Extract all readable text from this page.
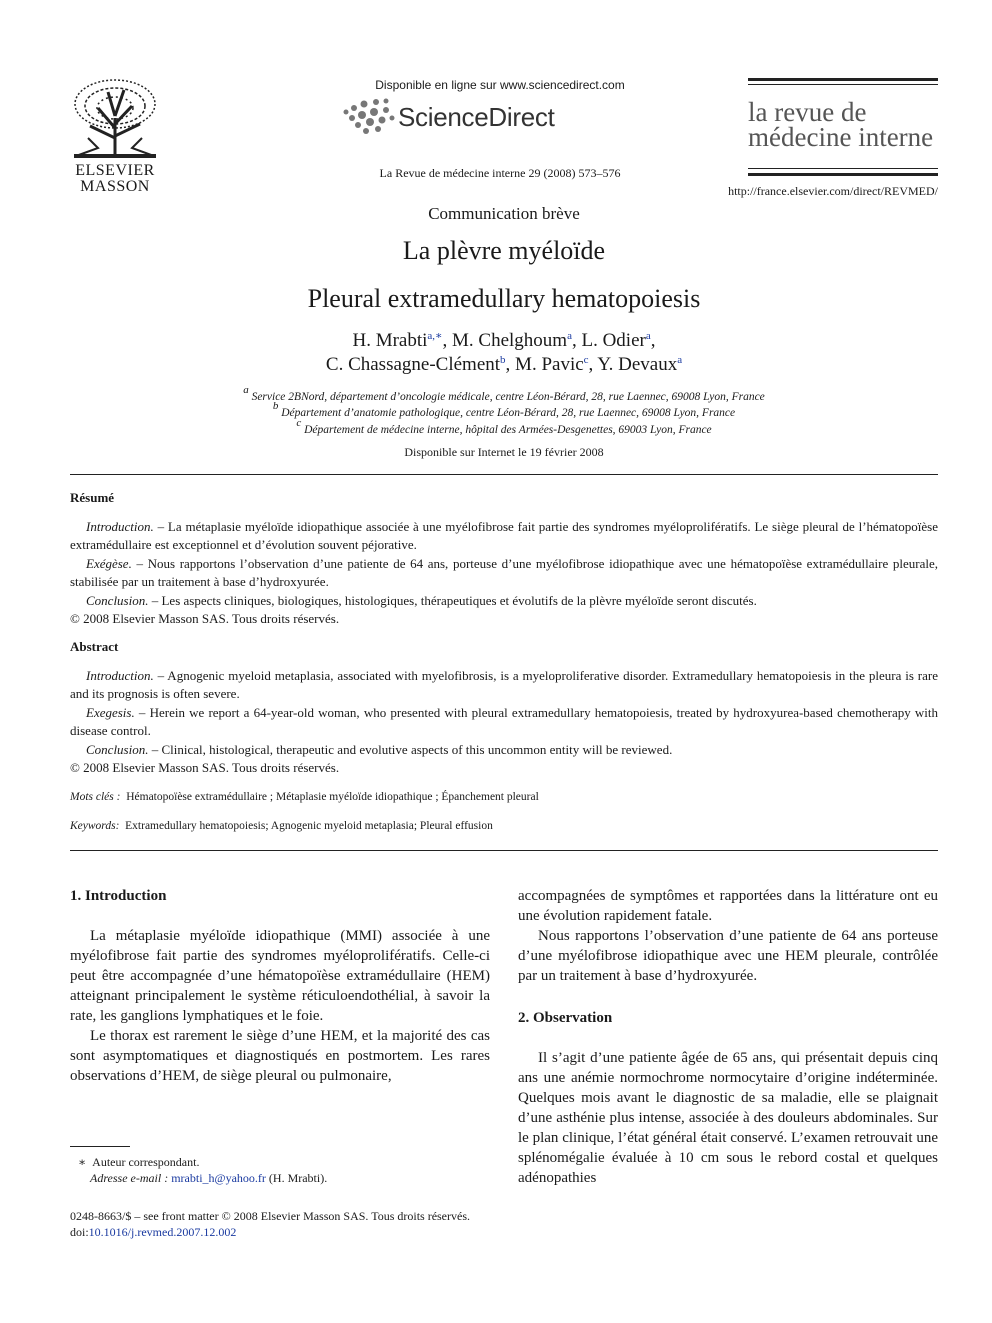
ELSEVIER
MASSON
Disponible en ligne sur www.sciencedirect.com
ScienceDirect
La Revue de médecine interne 29 (2008) 573–576
la revue de
médecine interne
http://france.elsevier.com/direct/REVMED/
Communication brève
La plèvre myéloïde
Pleural extramedullary hematopoiesis
H. Mrabti$^{a,∗}$, M. Chelghoum$^a$, L. Odier$^a$,
C. Chassagne-Clément$^b$, M. Pavic$^c$, Y. Devaux$^a$
$^a$ Service 2BNord, département d’oncologie médicale, centre Léon-Bérard, 28, rue Laennec, 69008 Lyon, France
$^b$ Département d’anatomie pathologique, centre Léon-Bérard, 28, rue Laennec, 69008 Lyon, France
$^c$ Département de médecine interne, hôpital des Armées-Desgenettes, 69003 Lyon, France
Disponible sur Internet le 19 février 2008
Résumé
Introduction. – La métaplasie myéloïde idiopathique associée à une myélofibrose fait partie des syndromes myéloprolifératifs. Le siège pleural de l’hématopoïèse extramédullaire est exceptionnel et d’évolution souvent péjorative.
Exégèse. – Nous rapportons l’observation d’une patiente de 64 ans, porteuse d’une myélofibrose idiopathique avec une hématopoïèse extramédullaire pleurale, stabilisée par un traitement à base d’hydroxyurée.
Conclusion. – Les aspects cliniques, biologiques, histologiques, thérapeutiques et évolutifs de la plèvre myéloïde seront discutés.
© 2008 Elsevier Masson SAS. Tous droits réservés.
Abstract
Introduction. – Agnogenic myeloid metaplasia, associated with myelofibrosis, is a myeloproliferative disorder. Extramedullary hematopoiesis in the pleura is rare and its prognosis is often severe.
Exegesis. – Herein we report a 64-year-old woman, who presented with pleural extramedullary hematopoiesis, treated by hydroxyurea-based chemotherapy with disease control.
Conclusion. – Clinical, histological, therapeutic and evolutive aspects of this uncommon entity will be reviewed.
© 2008 Elsevier Masson SAS. Tous droits réservés.
Mots clés : Hématopoïèse extramédullaire ; Métaplasie myéloïde idiopathique ; Épanchement pleural
Keywords: Extramedullary hematopoiesis; Agnogenic myeloid metaplasia; Pleural effusion
1. Introduction

La métaplasie myéloïde idiopathique (MMI) associée à une myélofibrose fait partie des syndromes myéloprolifératifs. Celle-ci peut être accompagnée d’une hématopoïèse extramédullaire (HEM) atteignant principalement le système réticuloendothélial, à savoir la rate, les ganglions lymphatiques et le foie.

Le thorax est rarement le siège d’une HEM, et la majorité des cas sont asymptomatiques et diagnostiqués en postmortem. Les rares observations d’HEM, de siège pleural ou pulmonaire,

accompagnées de symptômes et rapportées dans la littérature ont eu une évolution rapidement fatale.

Nous rapportons l’observation d’une patiente de 64 ans porteuse d’une myélofibrose idiopathique avec une HEM pleurale, contrôlée par un traitement à base d’hydroxyurée.

2. Observation

Il s’agit d’une patiente âgée de 65 ans, qui présentait depuis cinq ans une anémie normochrome normocytaire d’origine indéterminée. Quelques mois avant le diagnostic de sa maladie, elle se plaignait d’une asthénie plus intense, associée à des douleurs abdominales. Sur le plan clinique, l’état général était conservé. L’examen retrouvait une splénomégalie évaluée à 10 cm sous le rebord costal et quelques adénopathies

∗ Auteur correspondant.
Adresse e-mail : mrabti_h@yahoo.fr (H. Mrabti).
0248-8663/$ – see front matter © 2008 Elsevier Masson SAS. Tous droits réservés.
doi:10.1016/j.revmed.2007.12.002
